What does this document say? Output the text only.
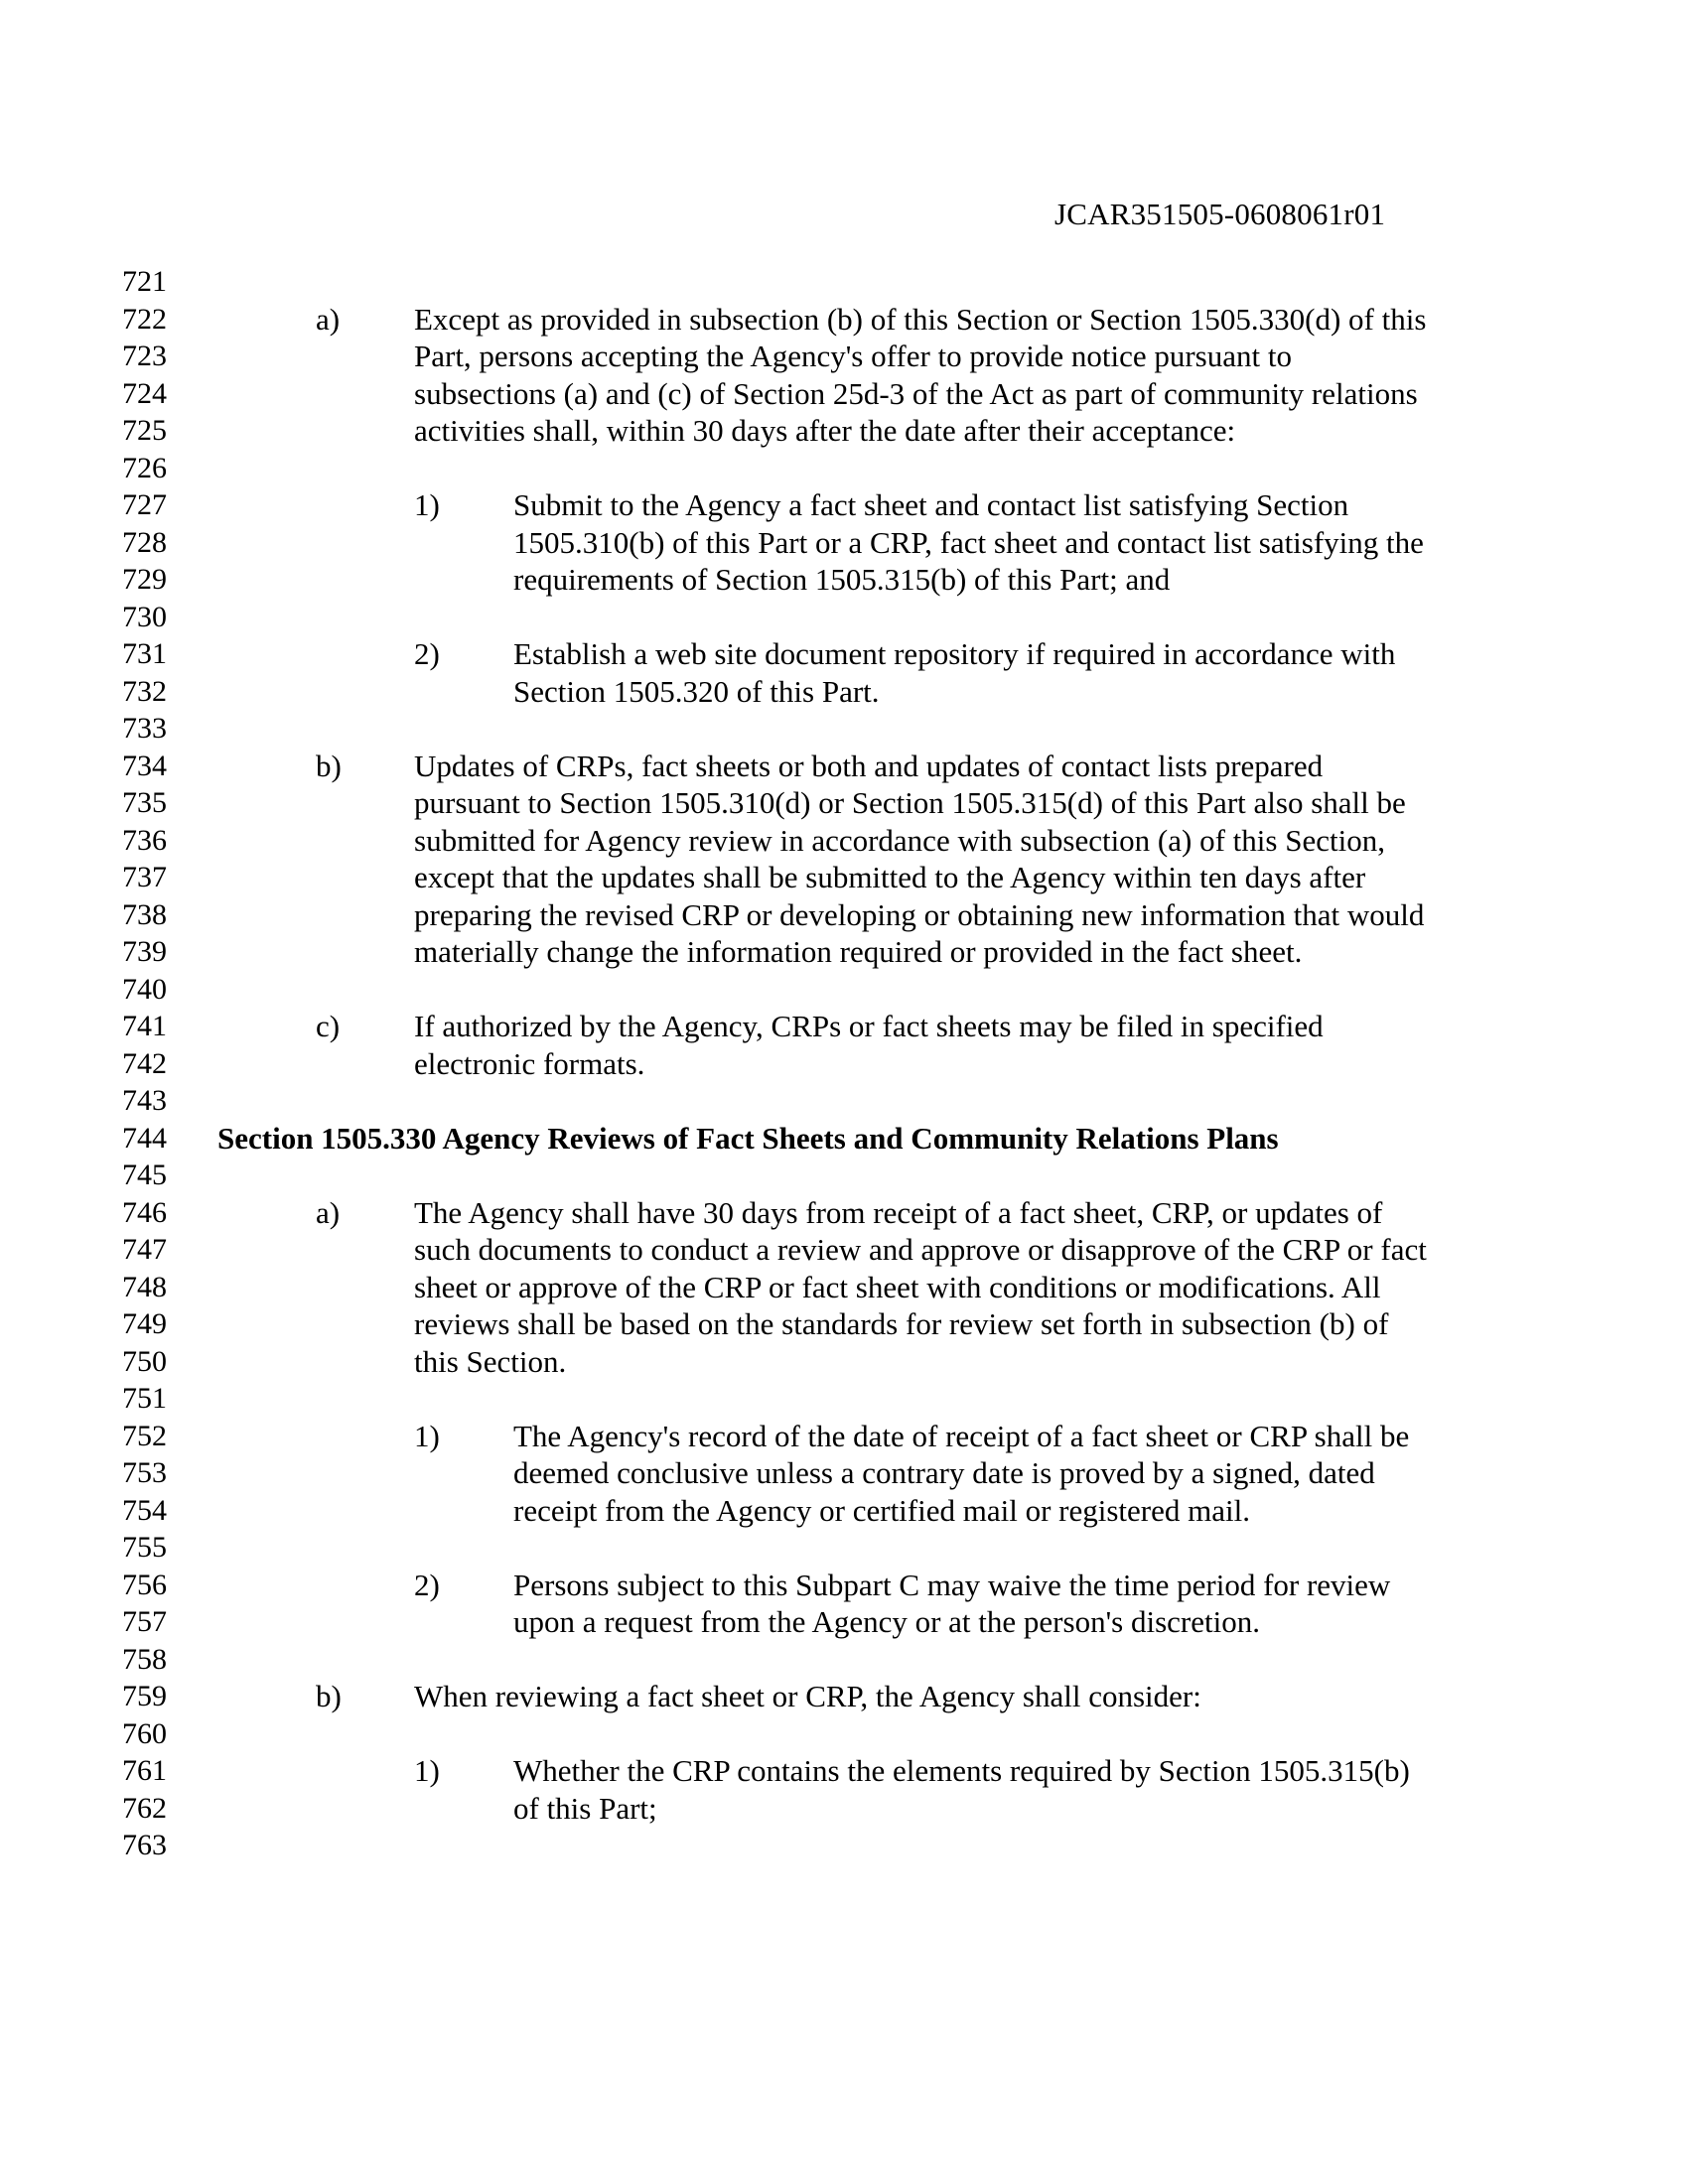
JCAR351505-0608061r01
721
722	a) Except as provided in subsection (b) of this Section or Section 1505.330(d) of this
723	Part, persons accepting the Agency's offer to provide notice pursuant to
724	subsections (a) and (c) of Section 25d-3 of the Act as part of community relations
725	activities shall, within 30 days after the date after their acceptance:
726
727	1) Submit to the Agency a fact sheet and contact list satisfying Section
728	1505.310(b) of this Part or a CRP, fact sheet and contact list satisfying the
729	requirements of Section 1505.315(b) of this Part; and
730
731	2) Establish a web site document repository if required in accordance with
732	Section 1505.320 of this Part.
733
734	b) Updates of CRPs, fact sheets or both and updates of contact lists prepared
735	pursuant to Section 1505.310(d) or Section 1505.315(d) of this Part also shall be
736	submitted for Agency review in accordance with subsection (a) of this Section,
737	except that the updates shall be submitted to the Agency within ten days after
738	preparing the revised CRP or developing or obtaining new information that would
739	materially change the information required or provided in the fact sheet.
740
741	c) If authorized by the Agency, CRPs or fact sheets may be filed in specified
742	electronic formats.
743
744	Section 1505.330 Agency Reviews of Fact Sheets and Community Relations Plans
745
746	a) The Agency shall have 30 days from receipt of a fact sheet, CRP, or updates of
747	such documents to conduct a review and approve or disapprove of the CRP or fact
748	sheet or approve of the CRP or fact sheet with conditions or modifications. All
749	reviews shall be based on the standards for review set forth in subsection (b) of
750	this Section.
751
752	1) The Agency's record of the date of receipt of a fact sheet or CRP shall be
753	deemed conclusive unless a contrary date is proved by a signed, dated
754	receipt from the Agency or certified mail or registered mail.
755
756	2) Persons subject to this Subpart C may waive the time period for review
757	upon a request from the Agency or at the person's discretion.
758
759	b) When reviewing a fact sheet or CRP, the Agency shall consider:
760
761	1) Whether the CRP contains the elements required by Section 1505.315(b)
762	of this Part;
763
